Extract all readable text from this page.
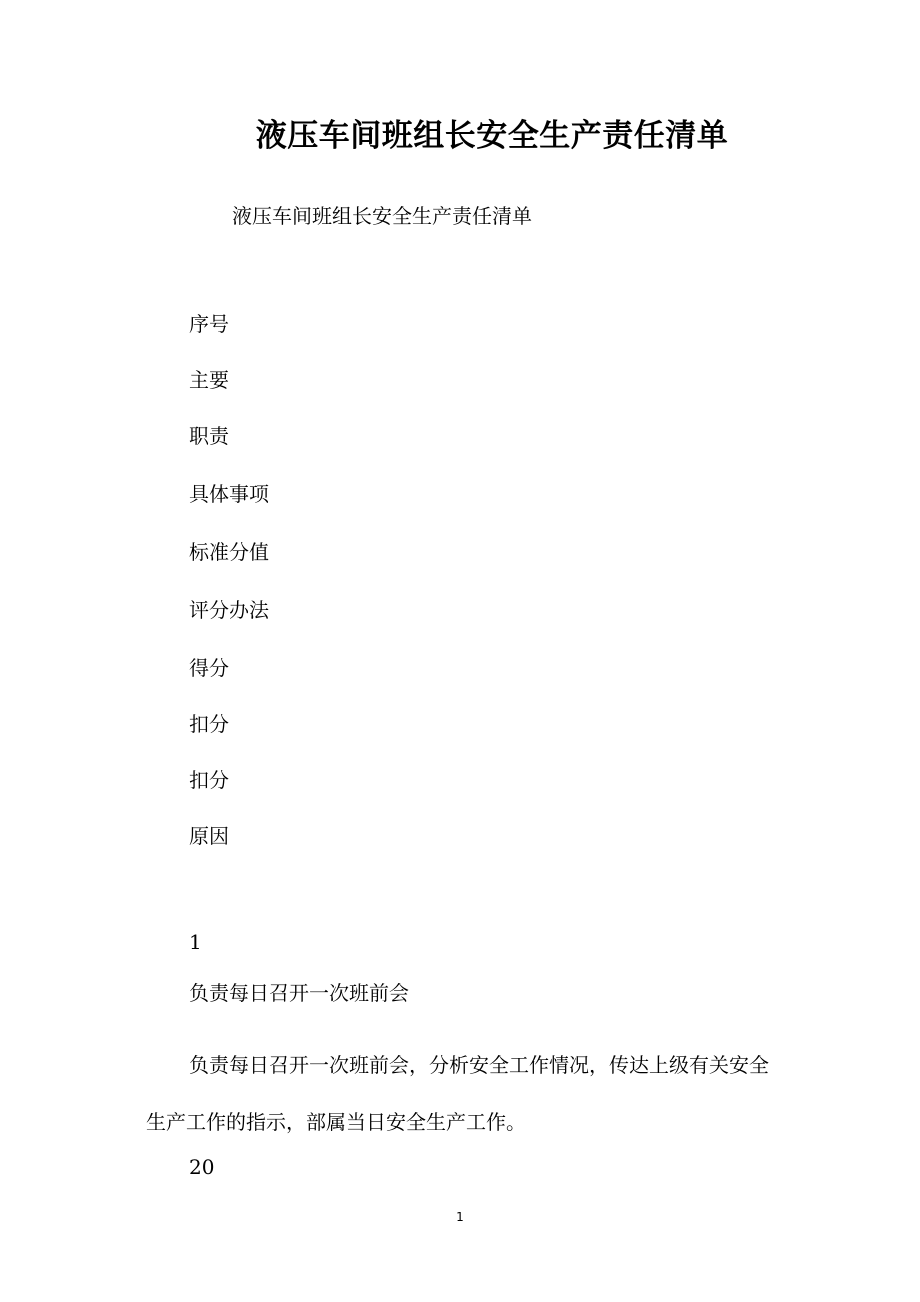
液压车间班组长安全生产责任清单
液压车间班组长安全生产责任清单
序号
主要
职责
具体事项
标准分值
评分办法
得分
扣分
扣分
原因
1
负责每日召开一次班前会
负责每日召开一次班前会，分析安全工作情况，传达上级有关安全生产工作的指示，部属当日安全生产工作。
20
1
